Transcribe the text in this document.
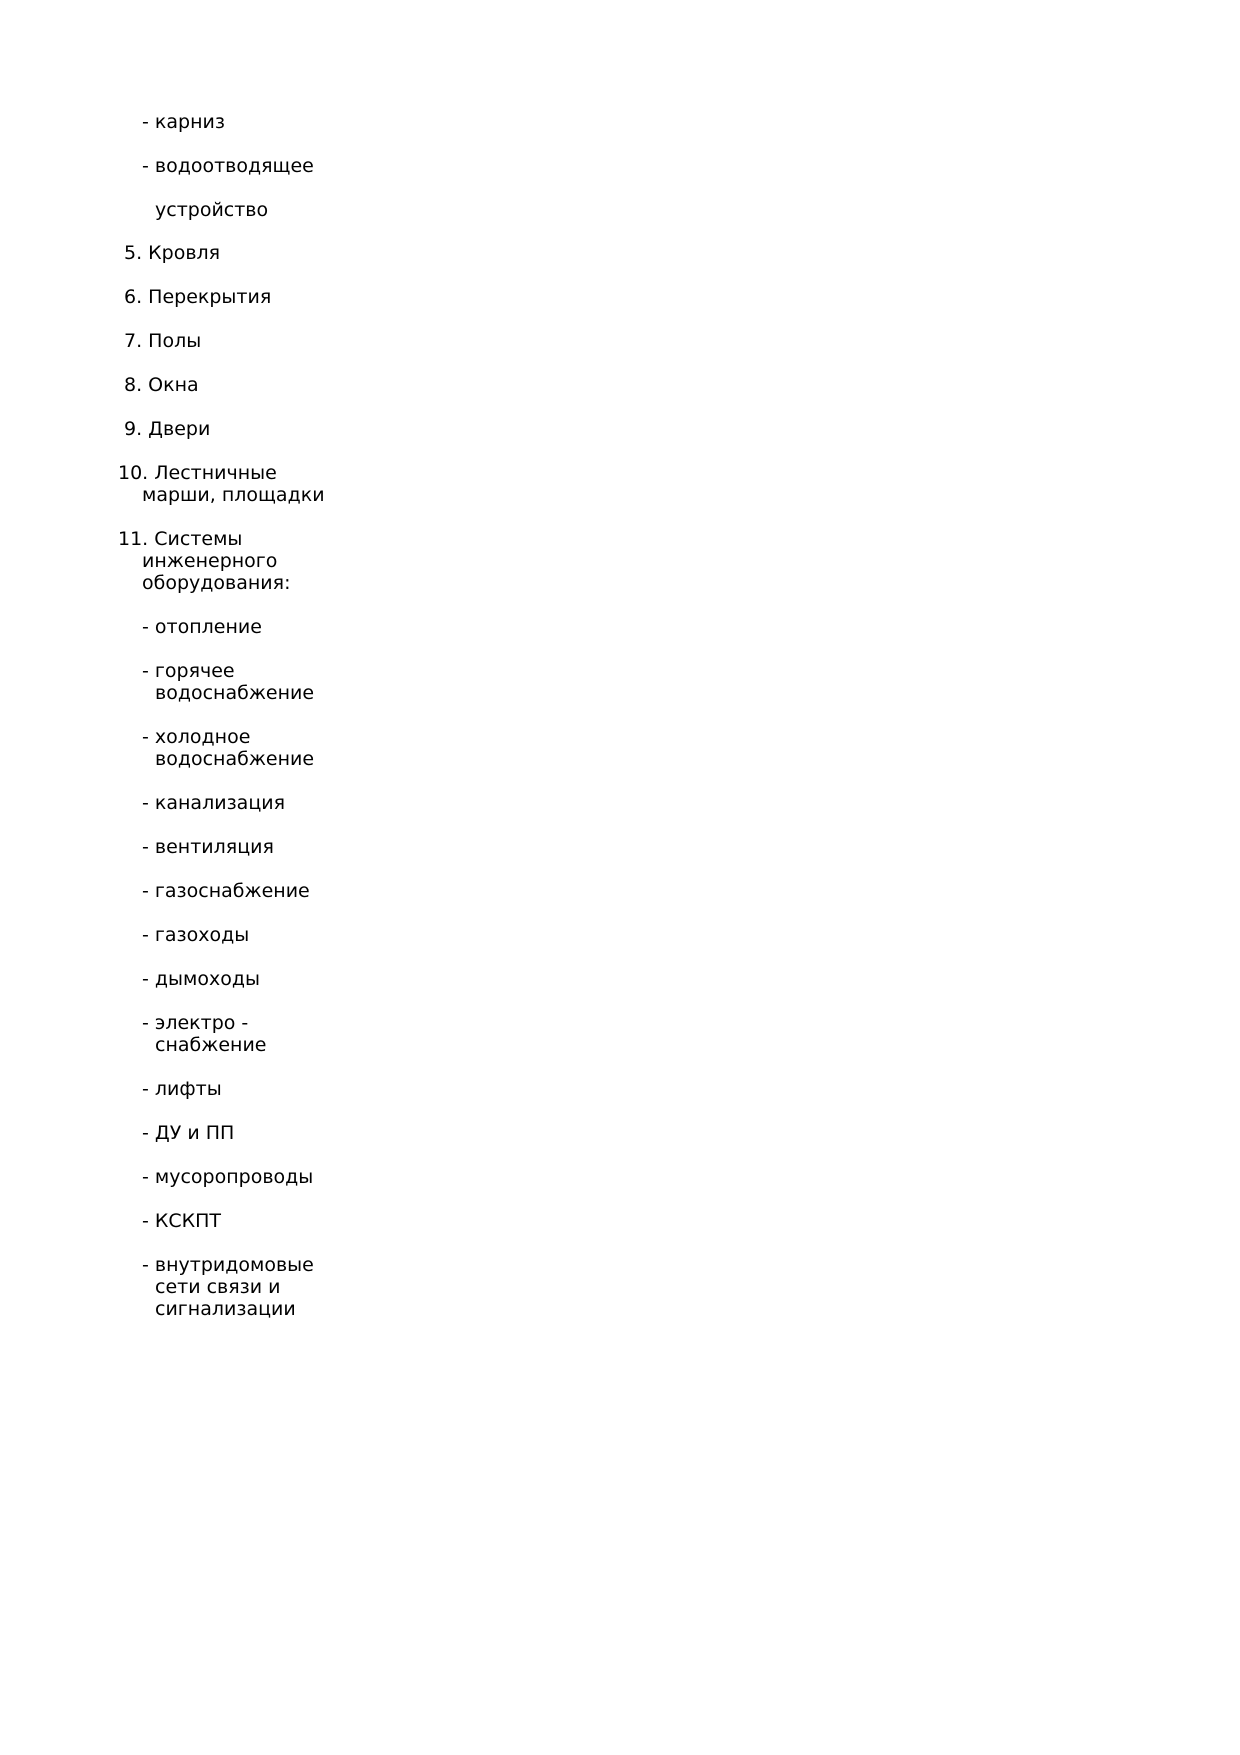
- карниз
- водоотводящее
устройство
5. Кровля
6. Перекрытия
7. Полы
8. Окна
9. Двери
10. Лестничные
марши, площадки
11. Системы
инженерного
оборудования:
- отопление
- горячее
водоснабжение
- холодное
водоснабжение
- канализация
- вентиляция
- газоснабжение
- газоходы
- дымоходы
- электро -
снабжение
- лифты
- ДУ и ПП
- мусоропроводы
- КСКПТ
- внутридомовые
сети связи и
сигнализации
